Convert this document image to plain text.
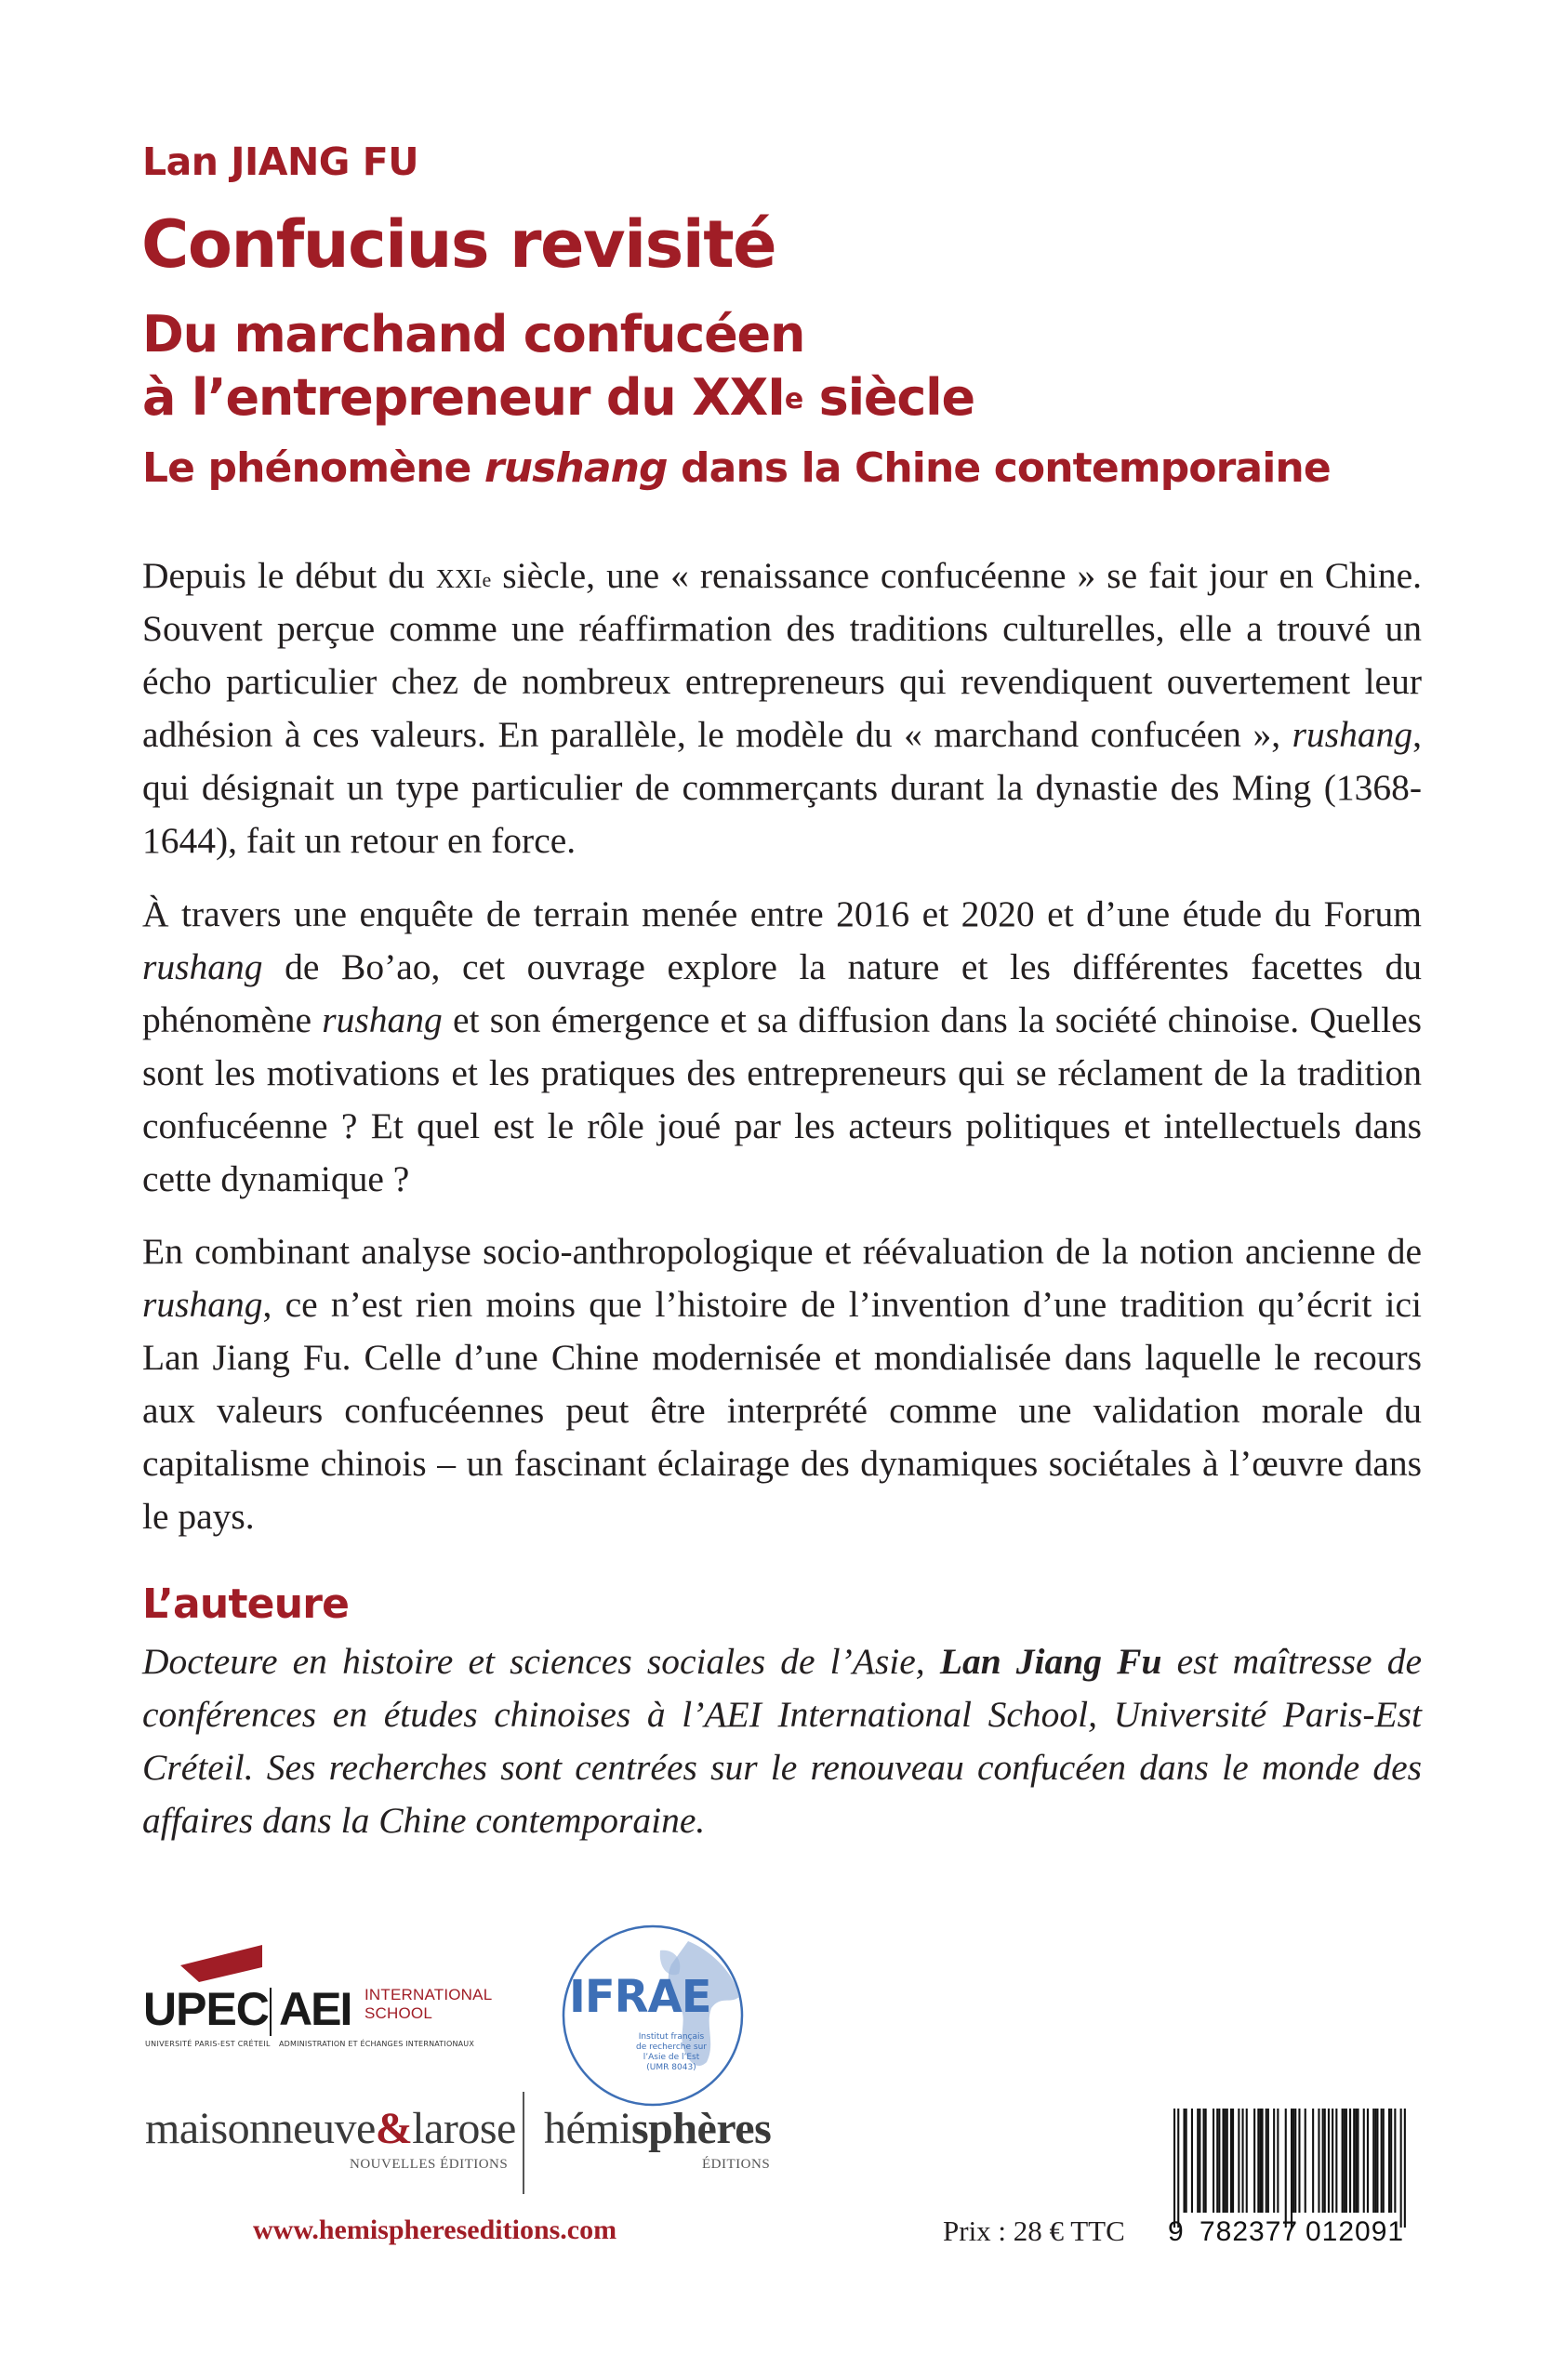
Lan JIANG FU
Confucius revisité
Du marchand confucéen
à l’entrepreneur du XXIe siècle
Le phénomène rushang dans la Chine contemporaine

Depuis le début du xxi$^e$ siècle, une « renaissance confucéenne » se fait jour en Chine. Souvent perçue comme une réaffirmation des traditions culturelles, elle a trouvé un écho particulier chez de nombreux entrepreneurs qui revendiquent ouvertement leur adhésion à ces valeurs. En parallèle, le modèle du « marchand confucéen », rushang, qui désignait un type particulier de commerçants durant la dynastie des Ming (1368-1644), fait un retour en force.

À travers une enquête de terrain menée entre 2016 et 2020 et d’une étude du Forum rushang de Bo’ao, cet ouvrage explore la nature et les différentes facettes du phénomène rushang et son émergence et sa diffusion dans la société chinoise. Quelles sont les motivations et les pratiques des entrepreneurs qui se réclament de la tradition confucéenne ? Et quel est le rôle joué par les acteurs politiques et intellectuels dans cette dynamique ?

En combinant analyse socio-anthropologique et réévaluation de la notion ancienne de rushang, ce n’est rien moins que l’histoire de l’invention d’une tradition qu’écrit ici Lan Jiang Fu. Celle d’une Chine modernisée et mondialisée dans laquelle le recours aux valeurs confucéennes peut être interprété comme une validation morale du capitalisme chinois – un fascinant éclairage des dynamiques sociétales à l’œuvre dans le pays.

L’auteure

Docteure en histoire et sciences sociales de l’Asie, Lan Jiang Fu est maîtresse de conférences en études chinoises à l’AEI International School, Université Paris-Est Créteil. Ses recherches sont centrées sur le renouveau confucéen dans le monde des affaires dans la Chine contemporaine.

UPEC
UNIVERSITÉ PARIS-EST CRÉTEIL
AEI INTERNATIONAL
SCHOOL
ADMINISTRATION ET ÉCHANGES INTERNATIONAUX
IFRAE
Institut français
de recherche sur
l’Asie de l’Est
(UMR 8043)

maisonneuve&larose

NOUVELLES ÉDITIONS

hémisphères

ÉDITIONS

www.hemisphereseditions.com	Prix : 28 € TTC 9 782377 012091
